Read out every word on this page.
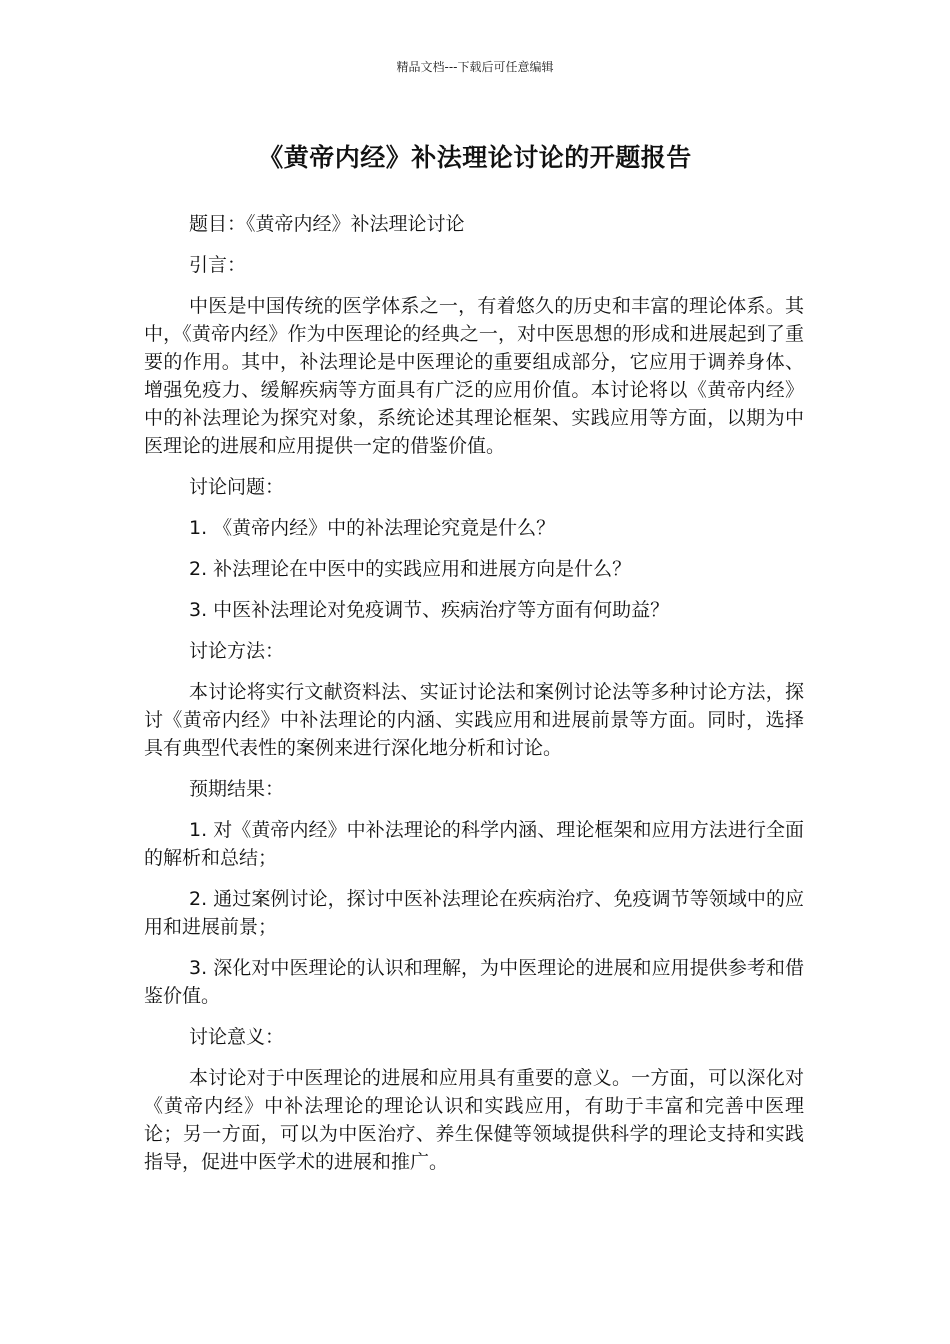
精品文档---下载后可任意编辑
《黄帝内经》补法理论讨论的开题报告

题目：《黄帝内经》补法理论讨论

引言：

中医是中国传统的医学体系之一，有着悠久的历史和丰富的理论体系。其中，《黄帝内经》作为中医理论的经典之一，对中医思想的形成和进展起到了重要的作用。其中，补法理论是中医理论的重要组成部分，它应用于调养身体、增强免疫力、缓解疾病等方面具有广泛的应用价值。本讨论将以《黄帝内经》中的补法理论为探究对象，系统论述其理论框架、实践应用等方面，以期为中医理论的进展和应用提供一定的借鉴价值。

讨论问题：

1. 《黄帝内经》中的补法理论究竟是什么？

2. 补法理论在中医中的实践应用和进展方向是什么？

3. 中医补法理论对免疫调节、疾病治疗等方面有何助益？

讨论方法：

本讨论将实行文献资料法、实证讨论法和案例讨论法等多种讨论方法，探讨《黄帝内经》中补法理论的内涵、实践应用和进展前景等方面。同时，选择具有典型代表性的案例来进行深化地分析和讨论。

预期结果：

1. 对《黄帝内经》中补法理论的科学内涵、理论框架和应用方法进行全面的解析和总结；

2. 通过案例讨论，探讨中医补法理论在疾病治疗、免疫调节等领域中的应用和进展前景；

3. 深化对中医理论的认识和理解，为中医理论的进展和应用提供参考和借鉴价值。

讨论意义：

本讨论对于中医理论的进展和应用具有重要的意义。一方面，可以深化对《黄帝内经》中补法理论的理论认识和实践应用，有助于丰富和完善中医理论；另一方面，可以为中医治疗、养生保健等领域提供科学的理论支持和实践指导，促进中医学术的进展和推广。
